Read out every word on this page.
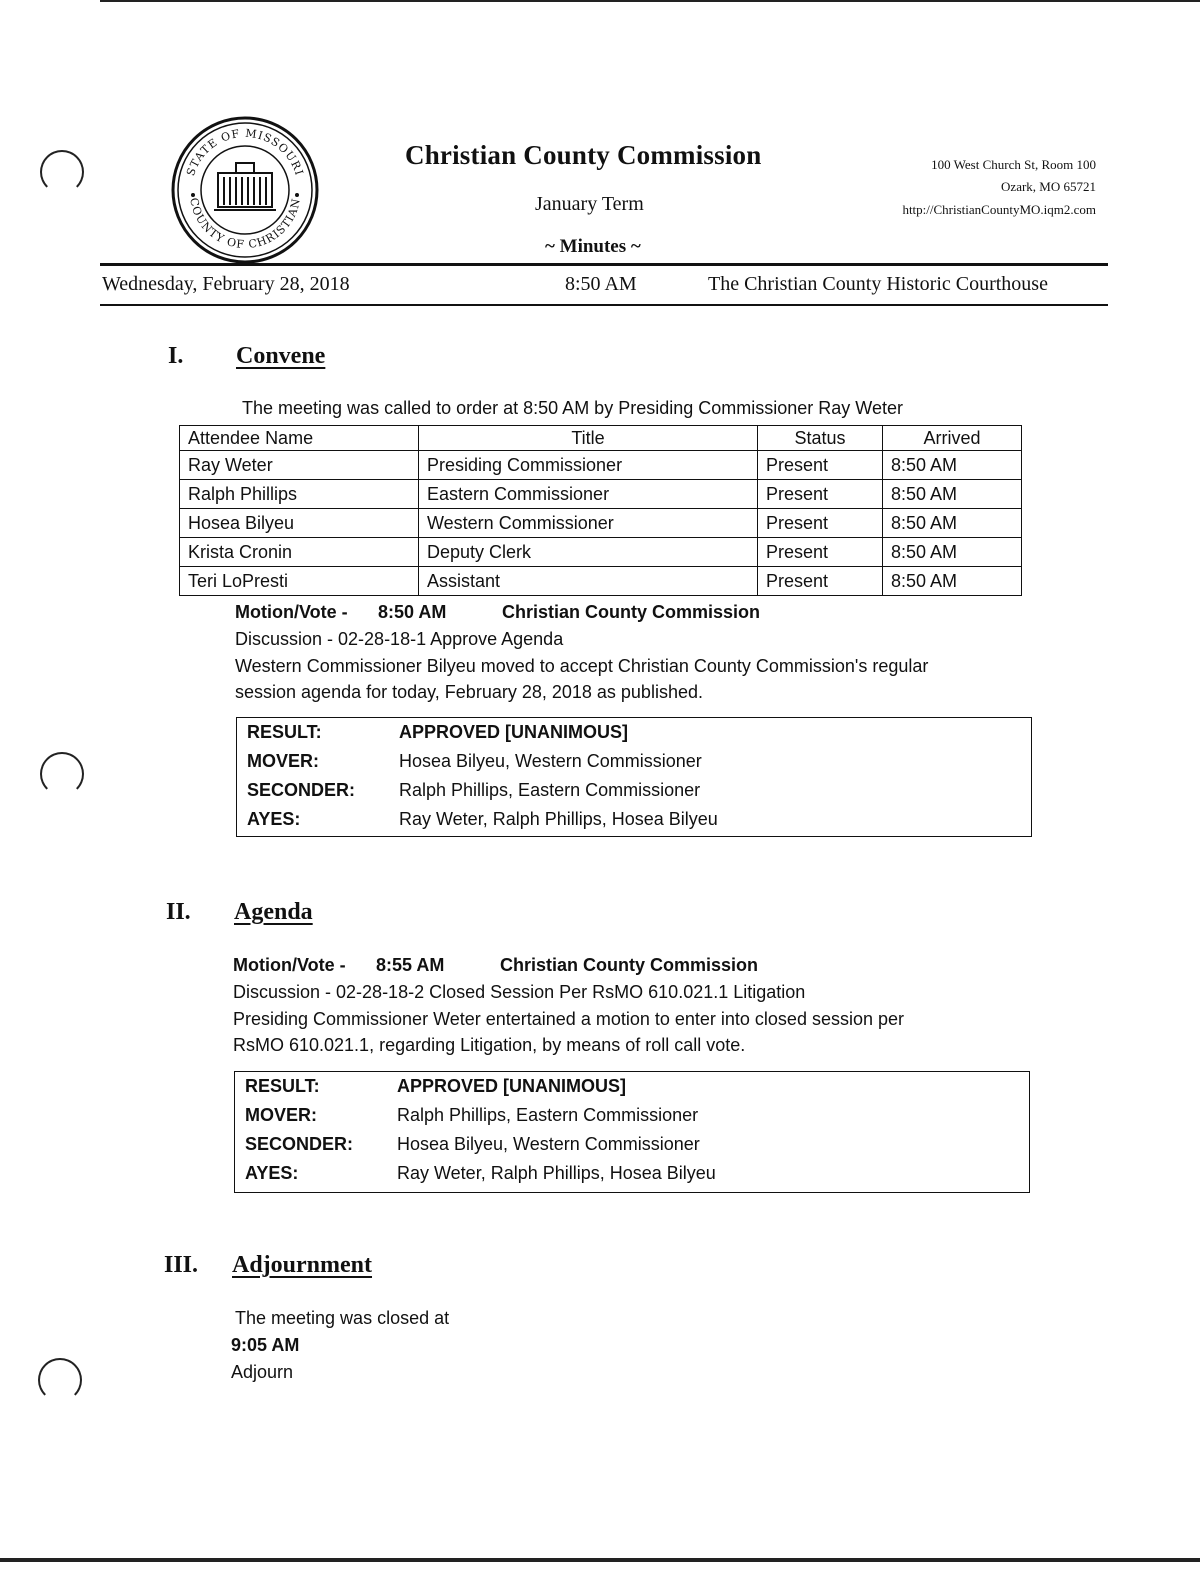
STATE OF MISSOURI
COUNTY OF CHRISTIAN
Christian County Commission
January Term
~ Minutes ~
100 West Church St, Room 100
Ozark, MO 65721
http://ChristianCountyMO.iqm2.com
Wednesday, February 28, 2018	8:50 AM	The Christian County Historic Courthouse
I. Convene
The meeting was called to order at 8:50 AM by Presiding Commissioner Ray Weter
Attendee Name	Title	Status	Arrived
Ray Weter	Presiding Commissioner	Present	8:50 AM
Ralph Phillips	Eastern Commissioner	Present	8:50 AM
Hosea Bilyeu	Western Commissioner	Present	8:50 AM
Krista Cronin	Deputy Clerk	Present	8:50 AM
Teri LoPresti	Assistant	Present	8:50 AM
Motion/Vote - 8:50 AM	Christian County Commission
Discussion - 02-28-18-1 Approve Agenda
Western Commissioner Bilyeu moved to accept Christian County Commission's regular
session agenda for today, February 28, 2018 as published.
RESULT:	APPROVED [UNANIMOUS]
MOVER:	Hosea Bilyeu, Western Commissioner
SECONDER: Ralph Phillips, Eastern Commissioner
AYES:	Ray Weter, Ralph Phillips, Hosea Bilyeu
II. Agenda
Motion/Vote - 8:55 AM	Christian County Commission
Discussion - 02-28-18-2 Closed Session Per RsMO 610.021.1 Litigation
Presiding Commissioner Weter entertained a motion to enter into closed session per
RsMO 610.021.1, regarding Litigation, by means of roll call vote.
RESULT:	APPROVED [UNANIMOUS]
MOVER:	Ralph Phillips, Eastern Commissioner
SECONDER: Hosea Bilyeu, Western Commissioner
AYES:	Ray Weter, Ralph Phillips, Hosea Bilyeu
III. Adjournment
The meeting was closed at
9:05 AM
Adjourn
